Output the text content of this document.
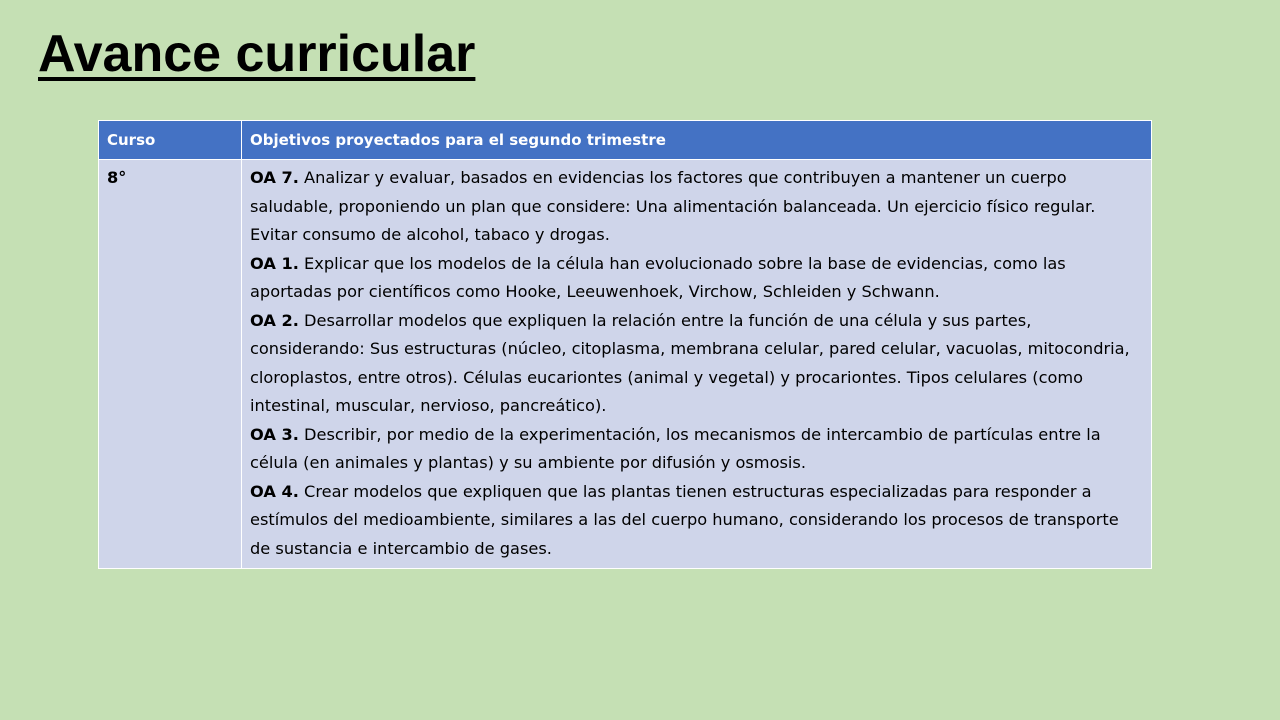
Avance curricular
Curso	Objetivos proyectados para el segundo trimestre
8°	OA 7. Analizar y evaluar, basados en evidencias los factores que contribuyen a mantener un cuerpo saludable, proponiendo un plan que considere: Una alimentación balanceada. Un ejercicio físico regular. Evitar consumo de alcohol, tabaco y drogas.
OA 1. Explicar que los modelos de la célula han evolucionado sobre la base de evidencias, como las aportadas por científicos como Hooke, Leeuwenhoek, Virchow, Schleiden y Schwann.
OA 2. Desarrollar modelos que expliquen la relación entre la función de una célula y sus partes, considerando: Sus estructuras (núcleo, citoplasma, membrana celular, pared celular, vacuolas, mitocondria, cloroplastos, entre otros). Células eucariontes (animal y vegetal) y procariontes. Tipos celulares (como intestinal, muscular, nervioso, pancreático).
OA 3. Describir, por medio de la experimentación, los mecanismos de intercambio de partículas entre la célula (en animales y plantas) y su ambiente por difusión y osmosis.
OA 4. Crear modelos que expliquen que las plantas tienen estructuras especializadas para responder a estímulos del medioambiente, similares a las del cuerpo humano, considerando los procesos de transporte de sustancia e intercambio de gases.
